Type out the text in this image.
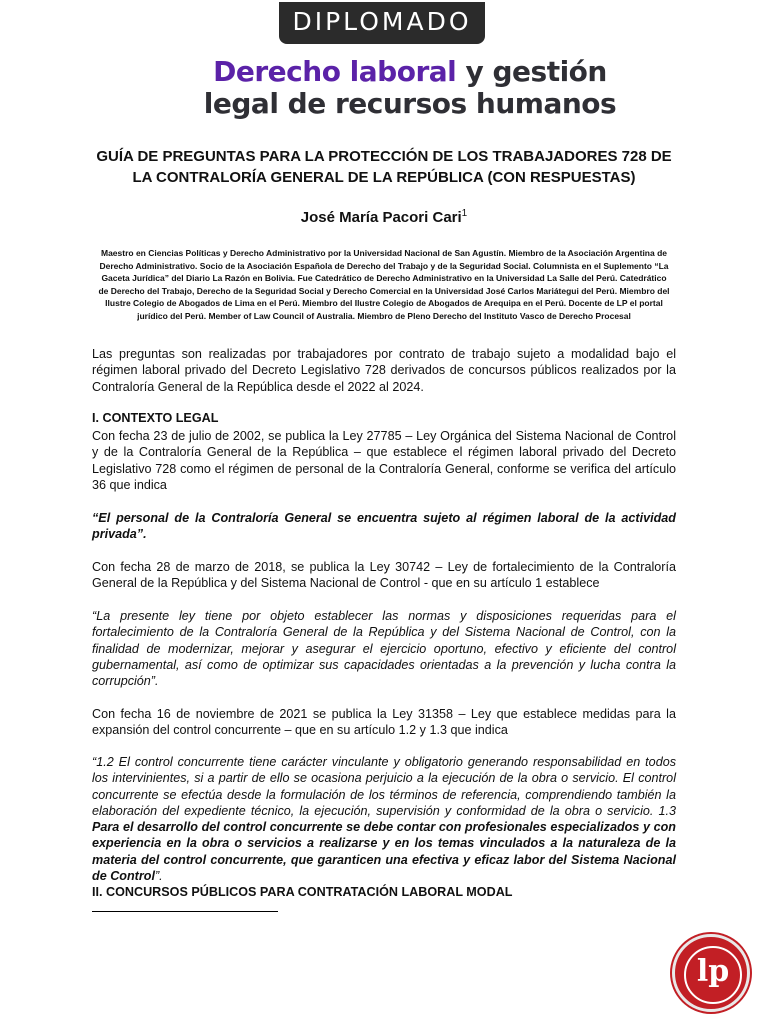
DIPLOMADO
Derecho laboral y gestión
legal de recursos humanos
GUÍA DE PREGUNTAS PARA LA PROTECCIÓN DE LOS TRABAJADORES 728 DE
LA CONTRALORÍA GENERAL DE LA REPÚBLICA (CON RESPUESTAS)
José María Pacori Cari$^1$
Maestro en Ciencias Políticas y Derecho Administrativo por la Universidad Nacional de San Agustín. Miembro de la Asociación Argentina de Derecho Administrativo. Socio de la Asociación Española de Derecho del Trabajo y de la Seguridad Social. Columnista en el Suplemento “La Gaceta Jurídica” del Diario La Razón en Bolivia. Fue Catedrático de Derecho Administrativo en la Universidad La Salle del Perú. Catedrático de Derecho del Trabajo, Derecho de la Seguridad Social y Derecho Comercial en la Universidad José Carlos Mariátegui del Perú. Miembro del Ilustre Colegio de Abogados de Lima en el Perú. Miembro del Ilustre Colegio de Abogados de Arequipa en el Perú. Docente de LP el portal jurídico del Perú. Member of Law Council of Australia. Miembro de Pleno Derecho del Instituto Vasco de Derecho Procesal
Las preguntas son realizadas por trabajadores por contrato de trabajo sujeto a modalidad bajo el régimen laboral privado del Decreto Legislativo 728 derivados de concursos públicos realizados por la Contraloría General de la República desde el 2022 al 2024.
I. CONTEXTO LEGAL
Con fecha 23 de julio de 2002, se publica la Ley 27785 – Ley Orgánica del Sistema Nacional de Control y de la Contraloría General de la República – que establece el régimen laboral privado del Decreto Legislativo 728 como el régimen de personal de la Contraloría General, conforme se verifica del artículo 36 que indica
“El personal de la Contraloría General se encuentra sujeto al régimen laboral de la actividad privada”.
Con fecha 28 de marzo de 2018, se publica la Ley 30742 – Ley de fortalecimiento de la Contraloría General de la República y del Sistema Nacional de Control - que en su artículo 1 establece
“La presente ley tiene por objeto establecer las normas y disposiciones requeridas para el fortalecimiento de la Contraloría General de la República y del Sistema Nacional de Control, con la finalidad de modernizar, mejorar y asegurar el ejercicio oportuno, efectivo y eficiente del control gubernamental, así como de optimizar sus capacidades orientadas a la prevención y lucha contra la corrupción”.
Con fecha 16 de noviembre de 2021 se publica la Ley 31358 – Ley que establece medidas para la expansión del control concurrente – que en su artículo 1.2 y 1.3 que indica
“1.2 El control concurrente tiene carácter vinculante y obligatorio generando responsabilidad en todos los intervinientes, si a partir de ello se ocasiona perjuicio a la ejecución de la obra o servicio. El control concurrente se efectúa desde la formulación de los términos de referencia, comprendiendo también la elaboración del expediente técnico, la ejecución, supervisión y conformidad de la obra o servicio. 1.3 Para el desarrollo del control concurrente se debe contar con profesionales especializados y con experiencia en la obra o servicios a realizarse y en los temas vinculados a la naturaleza de la materia del control concurrente, que garanticen una efectiva y eficaz labor del Sistema Nacional de Control”.
II. CONCURSOS PÚBLICOS PARA CONTRATACIÓN LABORAL MODAL
lp
